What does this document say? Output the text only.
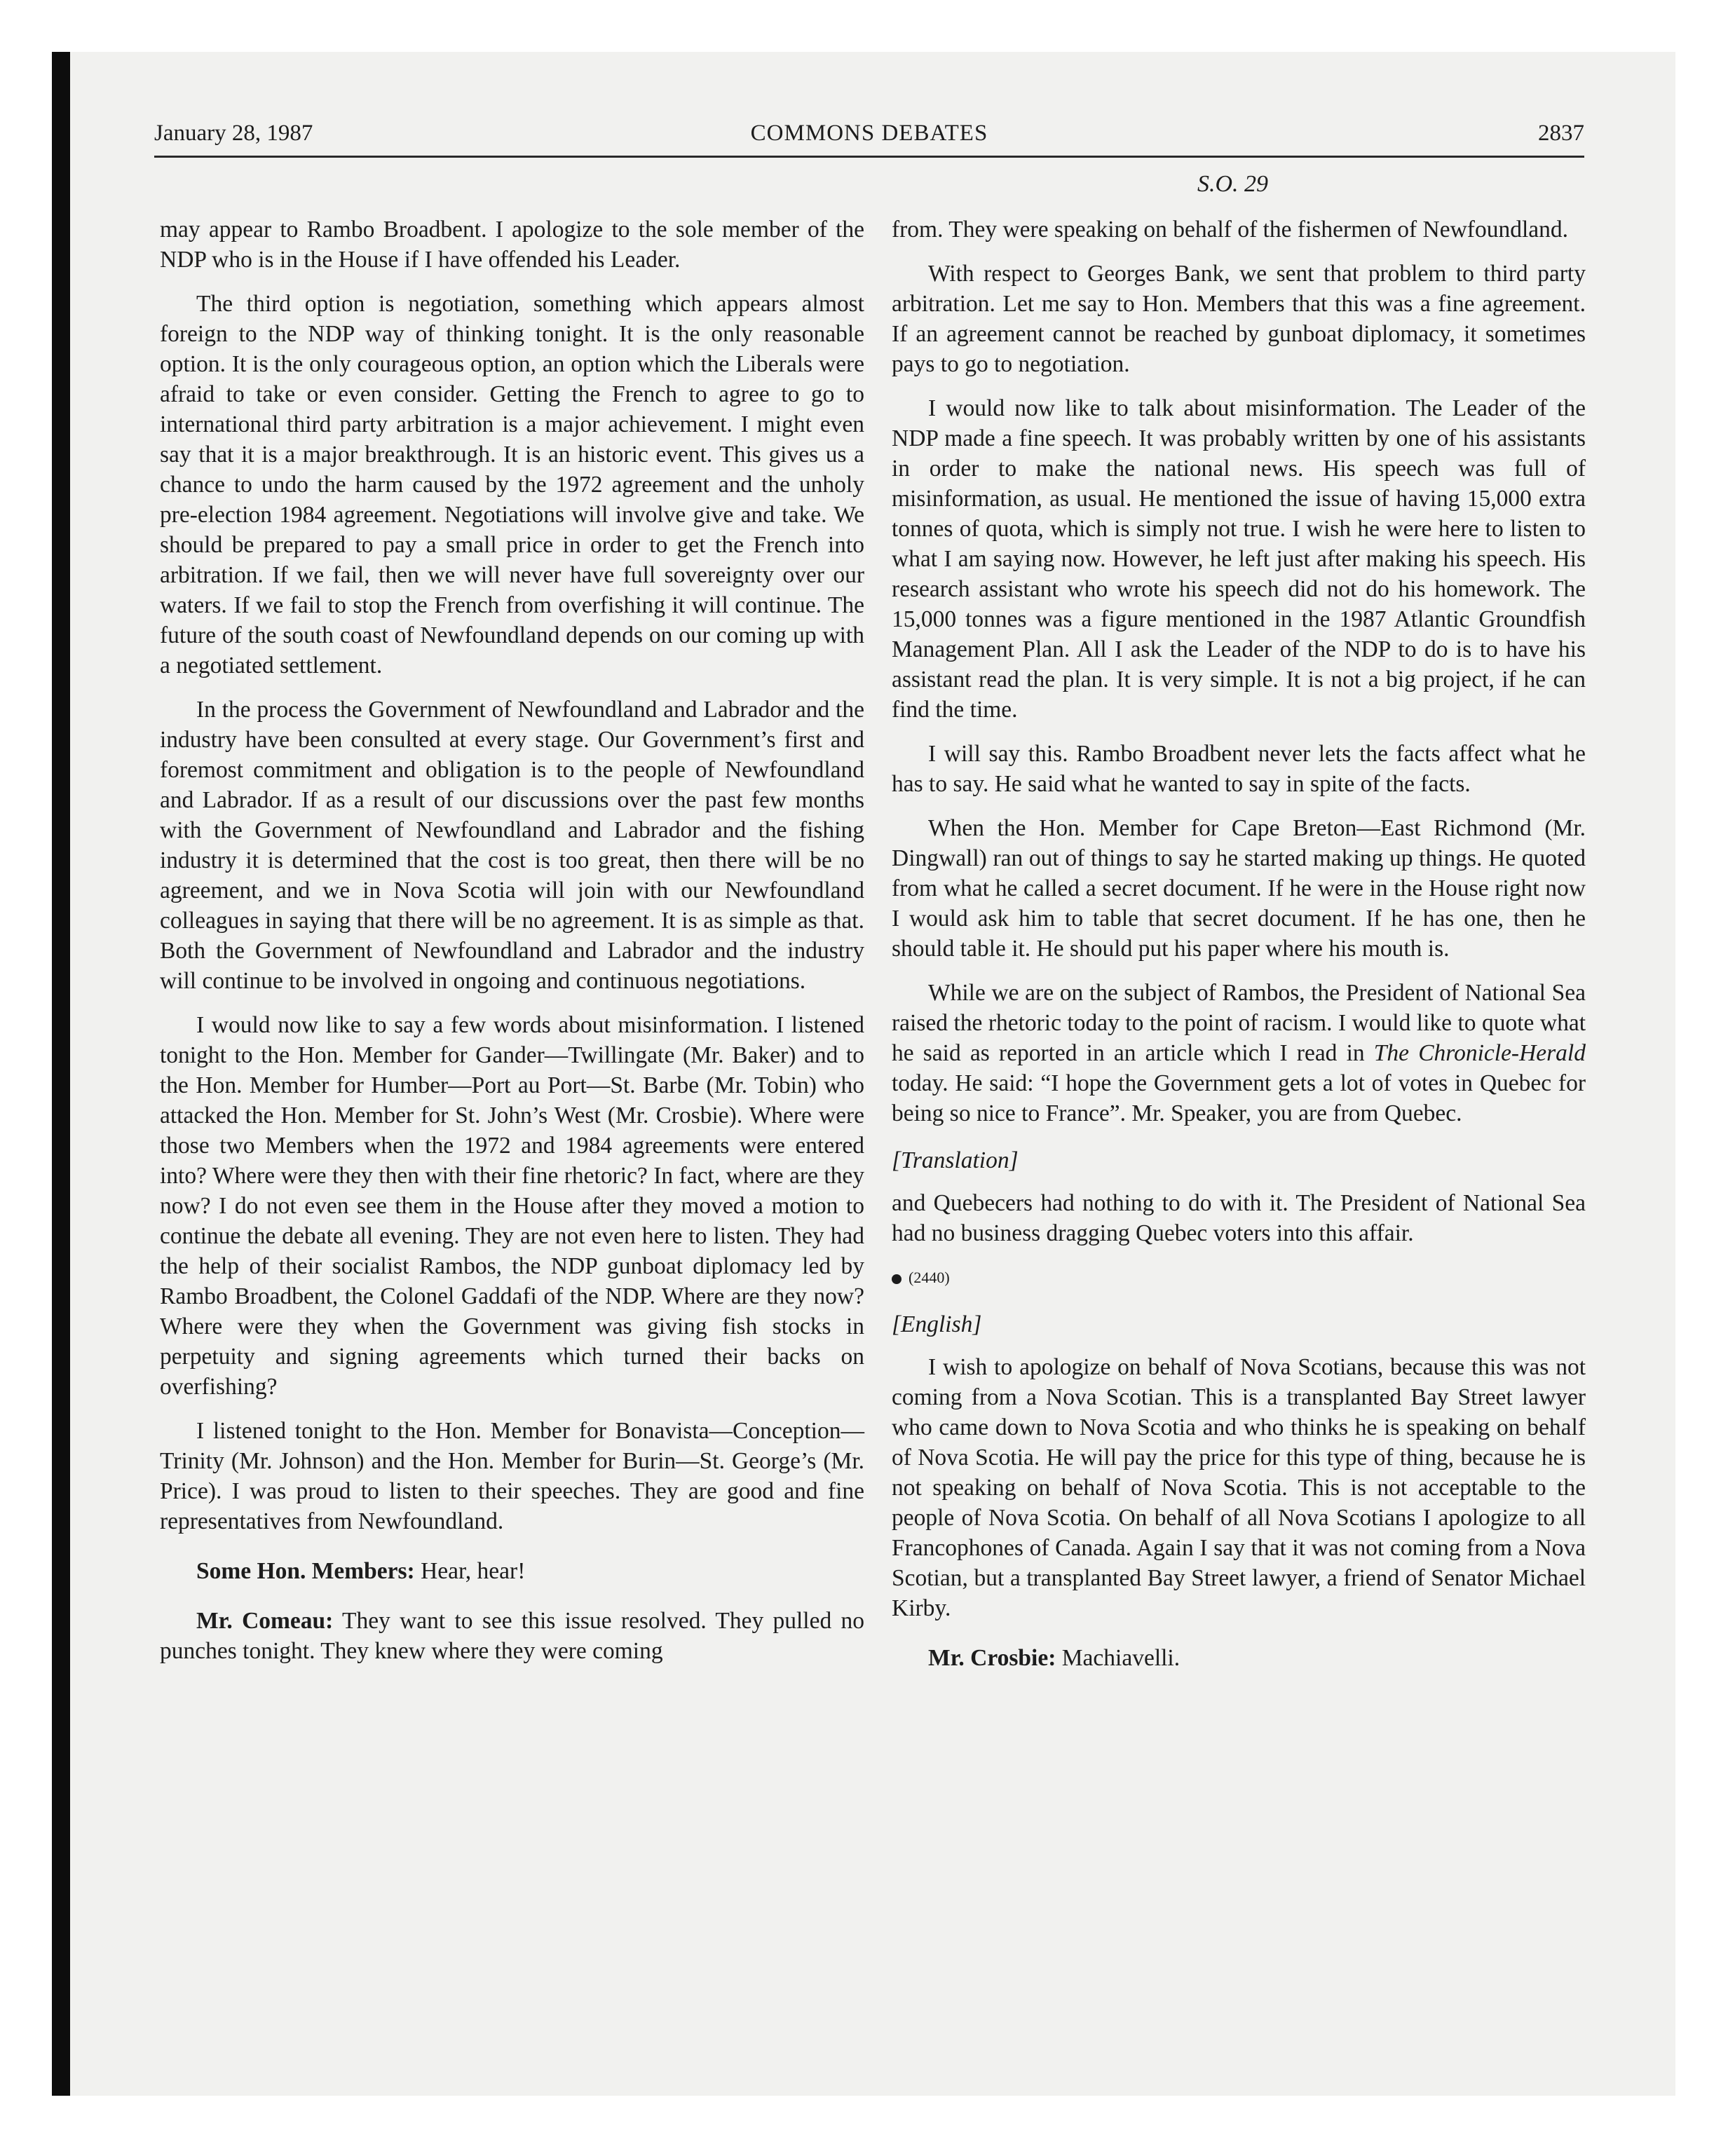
January 28, 1987	COMMONS DEBATES	2837
S.O. 29

may appear to Rambo Broadbent. I apologize to the sole member of the NDP who is in the House if I have offended his Leader.

The third option is negotiation, something which appears almost foreign to the NDP way of thinking tonight. It is the only reasonable option. It is the only courageous option, an option which the Liberals were afraid to take or even consider. Getting the French to agree to go to international third party arbitration is a major achievement. I might even say that it is a major breakthrough. It is an historic event. This gives us a chance to undo the harm caused by the 1972 agreement and the unholy pre-election 1984 agreement. Negotiations will involve give and take. We should be prepared to pay a small price in order to get the French into arbitration. If we fail, then we will never have full sovereignty over our waters. If we fail to stop the French from overfishing it will continue. The future of the south coast of Newfoundland depends on our coming up with a negotiated settlement.

In the process the Government of Newfoundland and Labrador and the industry have been consulted at every stage. Our Government’s first and foremost commitment and obligation is to the people of Newfoundland and Labrador. If as a result of our discussions over the past few months with the Government of Newfoundland and Labrador and the fishing industry it is determined that the cost is too great, then there will be no agreement, and we in Nova Scotia will join with our Newfoundland colleagues in saying that there will be no agreement. It is as simple as that. Both the Government of Newfoundland and Labrador and the industry will continue to be involved in ongoing and continuous negotiations.

I would now like to say a few words about misinformation. I listened tonight to the Hon. Member for Gander—Twillingate (Mr. Baker) and to the Hon. Member for Humber—Port au Port—St. Barbe (Mr. Tobin) who attacked the Hon. Member for St. John’s West (Mr. Crosbie). Where were those two Members when the 1972 and 1984 agreements were entered into? Where were they then with their fine rhetoric? In fact, where are they now? I do not even see them in the House after they moved a motion to continue the debate all evening. They are not even here to listen. They had the help of their socialist Rambos, the NDP gunboat diplomacy led by Rambo Broadbent, the Colonel Gaddafi of the NDP. Where are they now? Where were they when the Government was giving fish stocks in perpetuity and signing agreements which turned their backs on overfishing?

I listened tonight to the Hon. Member for Bonavista—Conception—Trinity (Mr. Johnson) and the Hon. Member for Burin—St. George’s (Mr. Price). I was proud to listen to their speeches. They are good and fine representatives from Newfoundland.

Some Hon. Members: Hear, hear!

Mr. Comeau: They want to see this issue resolved. They pulled no punches tonight. They knew where they were coming

from. They were speaking on behalf of the fishermen of Newfoundland.

With respect to Georges Bank, we sent that problem to third party arbitration. Let me say to Hon. Members that this was a fine agreement. If an agreement cannot be reached by gunboat diplomacy, it sometimes pays to go to negotiation.

I would now like to talk about misinformation. The Leader of the NDP made a fine speech. It was probably written by one of his assistants in order to make the national news. His speech was full of misinformation, as usual. He mentioned the issue of having 15,000 extra tonnes of quota, which is simply not true. I wish he were here to listen to what I am saying now. However, he left just after making his speech. His research assistant who wrote his speech did not do his homework. The 15,000 tonnes was a figure mentioned in the 1987 Atlantic Groundfish Management Plan. All I ask the Leader of the NDP to do is to have his assistant read the plan. It is very simple. It is not a big project, if he can find the time.

I will say this. Rambo Broadbent never lets the facts affect what he has to say. He said what he wanted to say in spite of the facts.

When the Hon. Member for Cape Breton—East Richmond (Mr. Dingwall) ran out of things to say he started making up things. He quoted from what he called a secret document. If he were in the House right now I would ask him to table that secret document. If he has one, then he should table it. He should put his paper where his mouth is.

While we are on the subject of Rambos, the President of National Sea raised the rhetoric today to the point of racism. I would like to quote what he said as reported in an article which I read in The Chronicle-Herald today. He said: “I hope the Government gets a lot of votes in Quebec for being so nice to France”. Mr. Speaker, you are from Quebec.

[Translation]

and Quebecers had nothing to do with it. The President of National Sea had no business dragging Quebec voters into this affair.

(2440)

[English]

I wish to apologize on behalf of Nova Scotians, because this was not coming from a Nova Scotian. This is a transplanted Bay Street lawyer who came down to Nova Scotia and who thinks he is speaking on behalf of Nova Scotia. He will pay the price for this type of thing, because he is not speaking on behalf of Nova Scotia. This is not acceptable to the people of Nova Scotia. On behalf of all Nova Scotians I apologize to all Francophones of Canada. Again I say that it was not coming from a Nova Scotian, but a transplanted Bay Street lawyer, a friend of Senator Michael Kirby.

Mr. Crosbie: Machiavelli.
